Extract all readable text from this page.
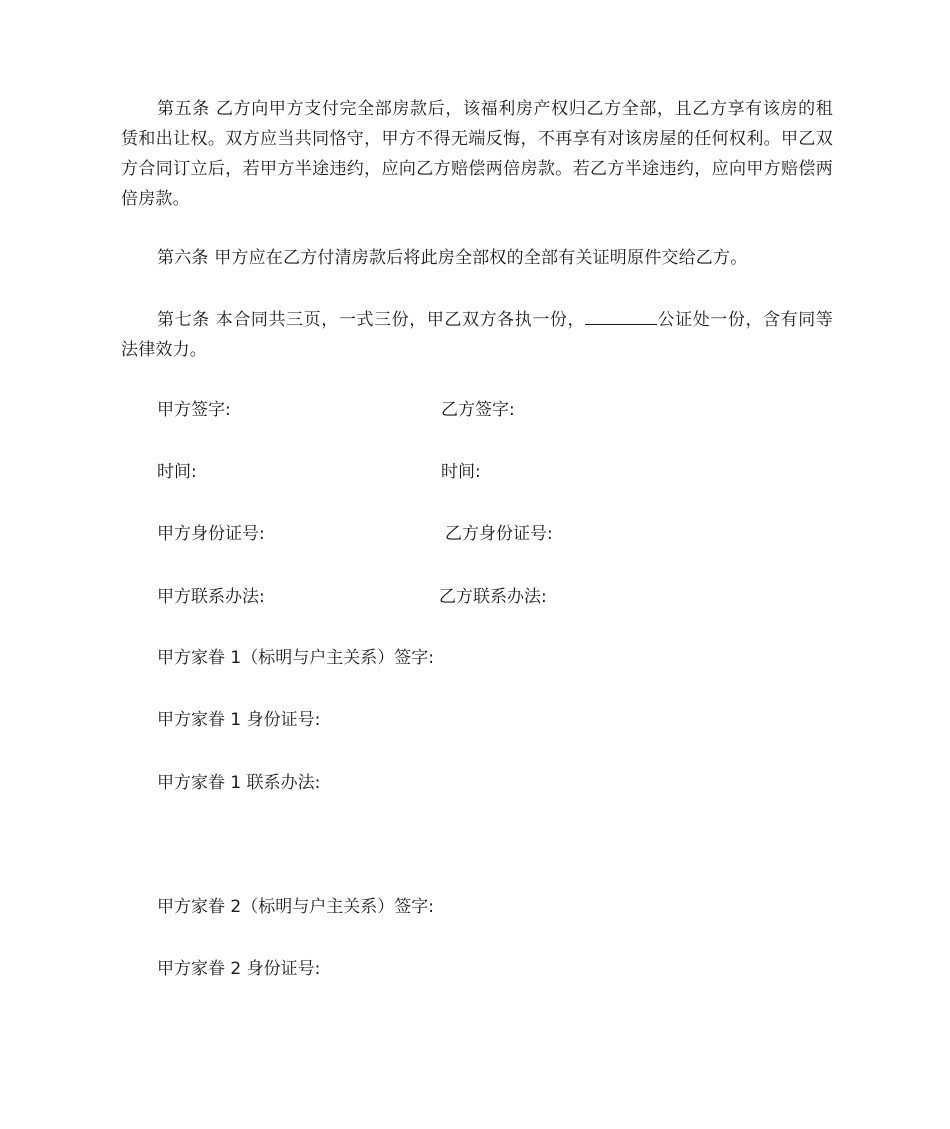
第五条 乙方向甲方支付完全部房款后，该福利房产权归乙方全部，且乙方享有该房的租赁和出让权。双方应当共同恪守，甲方不得无端反悔，不再享有对该房屋的任何权利。甲乙双方合同订立后，若甲方半途违约，应向乙方赔偿两倍房款。若乙方半途违约，应向甲方赔偿两倍房款。

第六条 甲方应在乙方付清房款后将此房全部权的全部有关证明原件交给乙方。

第七条 本合同共三页，一式三份，甲乙双方各执一份，	公证处一份，含有同等法律效力。

甲方签字:	乙方签字:

时间:	时间:

甲方身份证号:	乙方身份证号:

甲方联系办法:	乙方联系办法:

甲方家眷 1（标明与户主关系）签字:

甲方家眷 1 身份证号:

甲方家眷 1 联系办法:

甲方家眷 2（标明与户主关系）签字:

甲方家眷 2 身份证号:
